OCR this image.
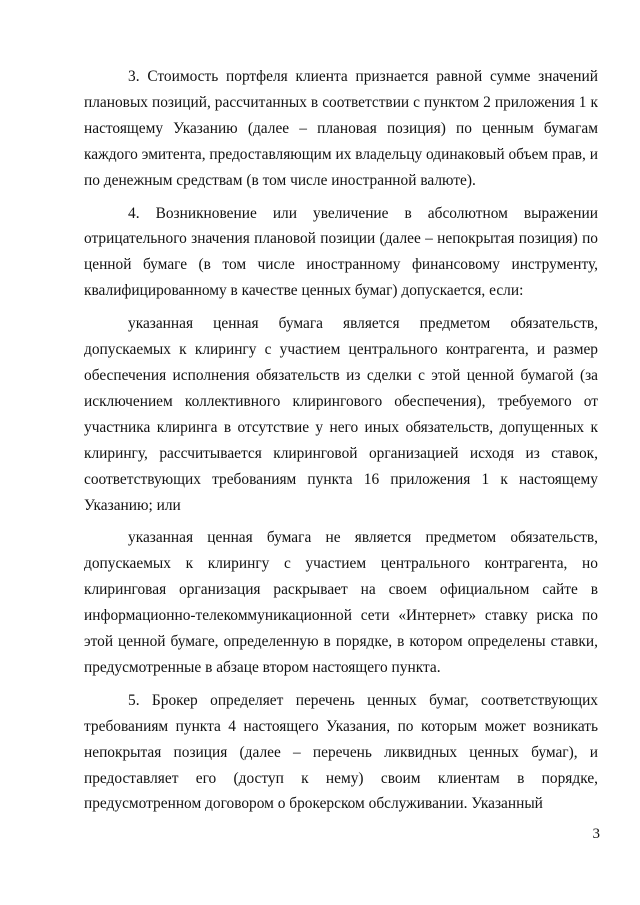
3. Стоимость портфеля клиента признается равной сумме значений плановых позиций, рассчитанных в соответствии с пунктом 2 приложения 1 к настоящему Указанию (далее – плановая позиция) по ценным бумагам каждого эмитента, предоставляющим их владельцу одинаковый объем прав, и по денежным средствам (в том числе иностранной валюте).

4. Возникновение или увеличение в абсолютном выражении отрицательного значения плановой позиции (далее – непокрытая позиция) по ценной бумаге (в том числе иностранному финансовому инструменту, квалифицированному в качестве ценных бумаг) допускается, если:

указанная ценная бумага является предметом обязательств, допускаемых к клирингу с участием центрального контрагента, и размер обеспечения исполнения обязательств из сделки с этой ценной бумагой (за исключением коллективного клирингового обеспечения), требуемого от участника клиринга в отсутствие у него иных обязательств, допущенных к клирингу, рассчитывается клиринговой организацией исходя из ставок, соответствующих требованиям пункта 16 приложения 1 к настоящему Указанию; или

указанная ценная бумага не является предметом обязательств, допускаемых к клирингу с участием центрального контрагента, но клиринговая организация раскрывает на своем официальном сайте в информационно-телекоммуникационной сети «Интернет» ставку риска по этой ценной бумаге, определенную в порядке, в котором определены ставки, предусмотренные в абзаце втором настоящего пункта.

5. Брокер определяет перечень ценных бумаг, соответствующих требованиям пункта 4 настоящего Указания, по которым может возникать непокрытая позиция (далее – перечень ликвидных ценных бумаг), и предоставляет его (доступ к нему) своим клиентам в порядке, предусмотренном договором о брокерском обслуживании. Указанный

3
